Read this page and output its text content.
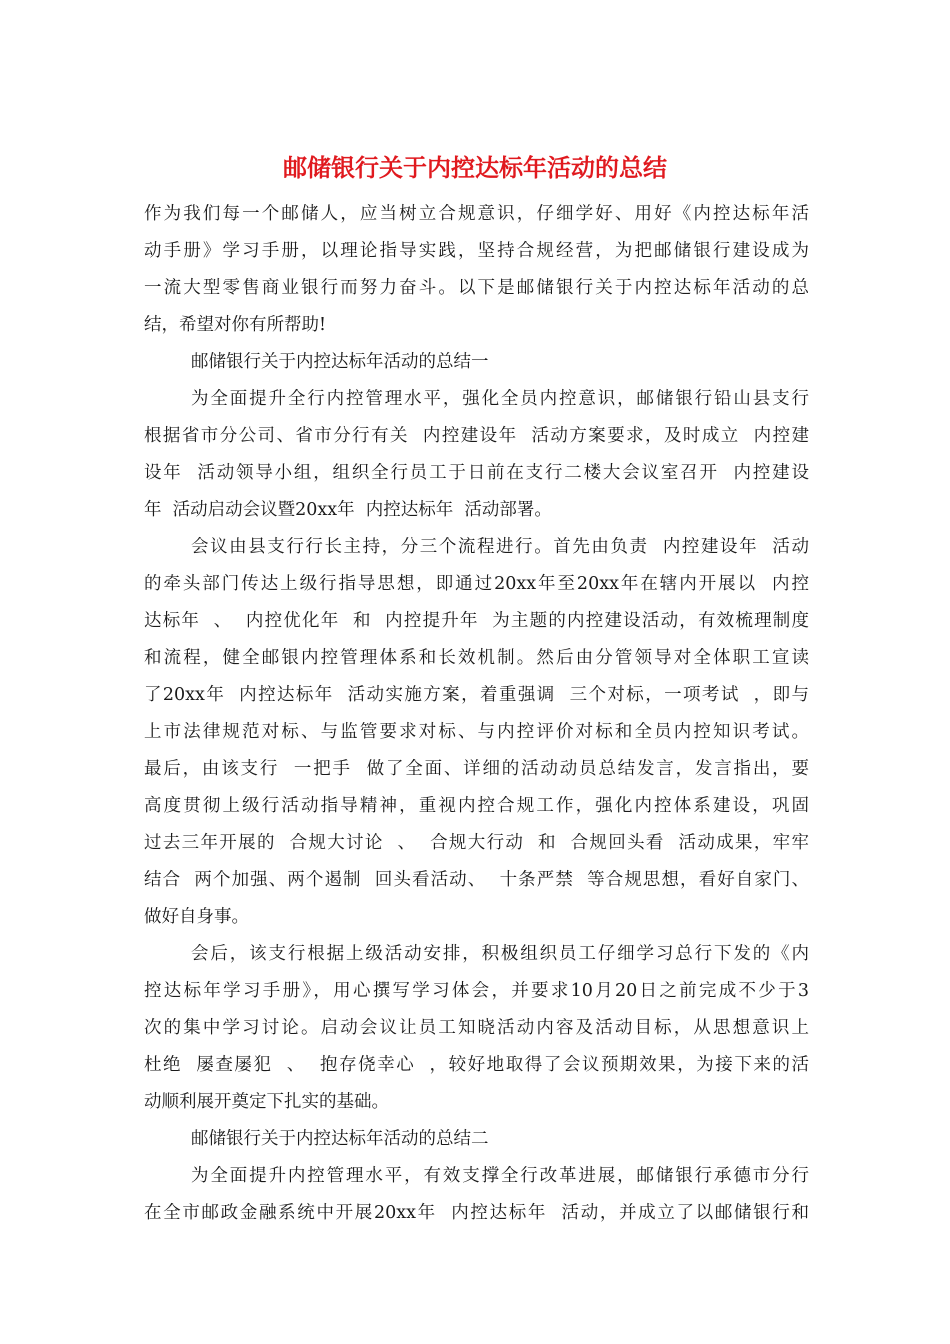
邮储银行关于内控达标年活动的总结
作为我们每一个邮储人，应当树立合规意识，仔细学好、用好《内控达标年活
动手册》学习手册，以理论指导实践，坚持合规经营，为把邮储银行建设成为
一流大型零售商业银行而努力奋斗。以下是邮储银行关于内控达标年活动的总
结，希望对你有所帮助!
邮储银行关于内控达标年活动的总结一
为全面提升全行内控管理水平，强化全员内控意识，邮储银行铅山县支行
根据省市分公司、省市分行有关  内控建设年  活动方案要求，及时成立  内控建
设年  活动领导小组，组织全行员工于日前在支行二楼大会议室召开  内控建设
年  活动启动会议暨20xx年  内控达标年  活动部署。
会议由县支行行长主持，分三个流程进行。首先由负责  内控建设年  活动
的牵头部门传达上级行指导思想，即通过20xx年至20xx年在辖内开展以  内控
达标年  、  内控优化年  和  内控提升年  为主题的内控建设活动，有效梳理制度
和流程，健全邮银内控管理体系和长效机制。然后由分管领导对全体职工宣读
了20xx年  内控达标年  活动实施方案，着重强调  三个对标，一项考试  ，即与
上市法律规范对标、与监管要求对标、与内控评价对标和全员内控知识考试。
最后，由该支行  一把手  做了全面、详细的活动动员总结发言，发言指出，要
高度贯彻上级行活动指导精神，重视内控合规工作，强化内控体系建设，巩固
过去三年开展的  合规大讨论  、  合规大行动  和  合规回头看  活动成果，牢牢
结合  两个加强、两个遏制  回头看活动、  十条严禁  等合规思想，看好自家门、
做好自身事。
会后，该支行根据上级活动安排，积极组织员工仔细学习总行下发的《内
控达标年学习手册》，用心撰写学习体会，并要求10月20日之前完成不少于3
次的集中学习讨论。启动会议让员工知晓活动内容及活动目标，从思想意识上
杜绝  屡查屡犯  、  抱存侥幸心  ，较好地取得了会议预期效果，为接下来的活
动顺利展开奠定下扎实的基础。
邮储银行关于内控达标年活动的总结二
为全面提升内控管理水平，有效支撑全行改革进展，邮储银行承德市分行
在全市邮政金融系统中开展20xx年  内控达标年  活动，并成立了以邮储银行和
